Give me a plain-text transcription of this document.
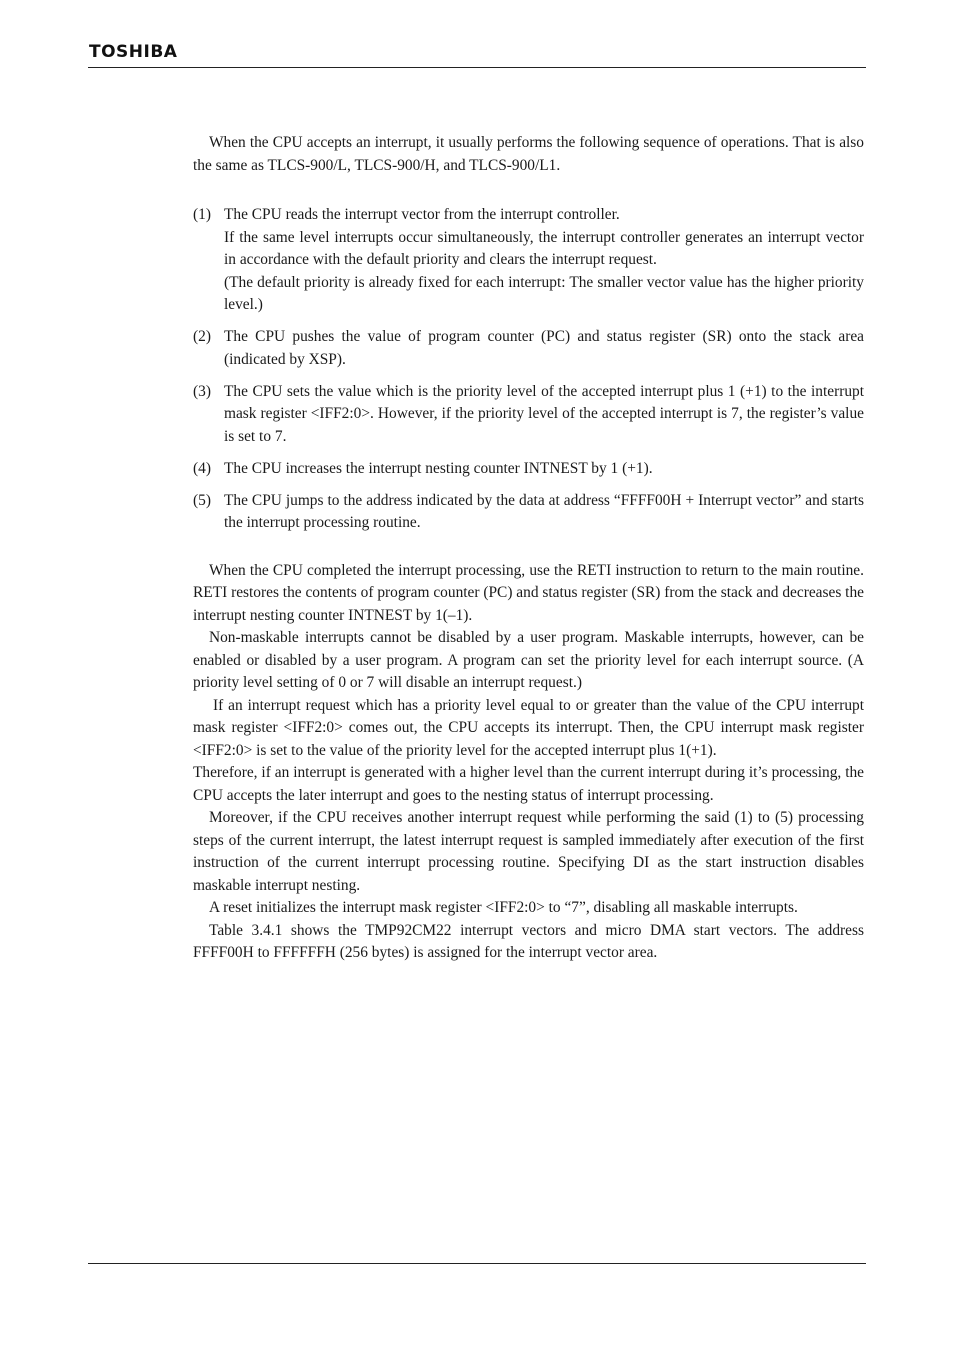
TOSHIBA

When the CPU accepts an interrupt, it usually performs the following sequence of operations. That is also the same as TLCS-900/L, TLCS-900/H, and TLCS-900/L1.

(1) The CPU reads the interrupt vector from the interrupt controller.

If the same level interrupts occur simultaneously, the interrupt controller generates an interrupt vector in accordance with the default priority and clears the interrupt request.

(The default priority is already fixed for each interrupt: The smaller vector value has the higher priority level.)

(2) The CPU pushes the value of program counter (PC) and status register (SR) onto the stack area (indicated by XSP).

(3) The CPU sets the value which is the priority level of the accepted interrupt plus 1 (+1) to the interrupt mask register <IFF2:0>. However, if the priority level of the accepted interrupt is 7, the register’s value is set to 7.

(4) The CPU increases the interrupt nesting counter INTNEST by 1 (+1).

(5) The CPU jumps to the address indicated by the data at address “FFFF00H + Interrupt vector” and starts the interrupt processing routine.

When the CPU completed the interrupt processing, use the RETI instruction to return to the main routine. RETI restores the contents of program counter (PC) and status register (SR) from the stack and decreases the interrupt nesting counter INTNEST by 1(–1).

Non-maskable interrupts cannot be disabled by a user program. Maskable interrupts, however, can be enabled or disabled by a user program. A program can set the priority level for each interrupt source. (A priority level setting of 0 or 7 will disable an interrupt request.)

If an interrupt request which has a priority level equal to or greater than the value of the CPU interrupt mask register <IFF2:0> comes out, the CPU accepts its interrupt. Then, the CPU interrupt mask register <IFF2:0> is set to the value of the priority level for the accepted interrupt plus 1(+1).

Therefore, if an interrupt is generated with a higher level than the current interrupt during it’s processing, the CPU accepts the later interrupt and goes to the nesting status of interrupt processing.

Moreover, if the CPU receives another interrupt request while performing the said (1) to (5) processing steps of the current interrupt, the latest interrupt request is sampled immediately after execution of the first instruction of the current interrupt processing routine. Specifying DI as the start instruction disables maskable interrupt nesting.

A reset initializes the interrupt mask register <IFF2:0> to “7”, disabling all maskable interrupts.

Table 3.4.1 shows the TMP92CM22 interrupt vectors and micro DMA start vectors. The address FFFF00H to FFFFFFH (256 bytes) is assigned for the interrupt vector area.
